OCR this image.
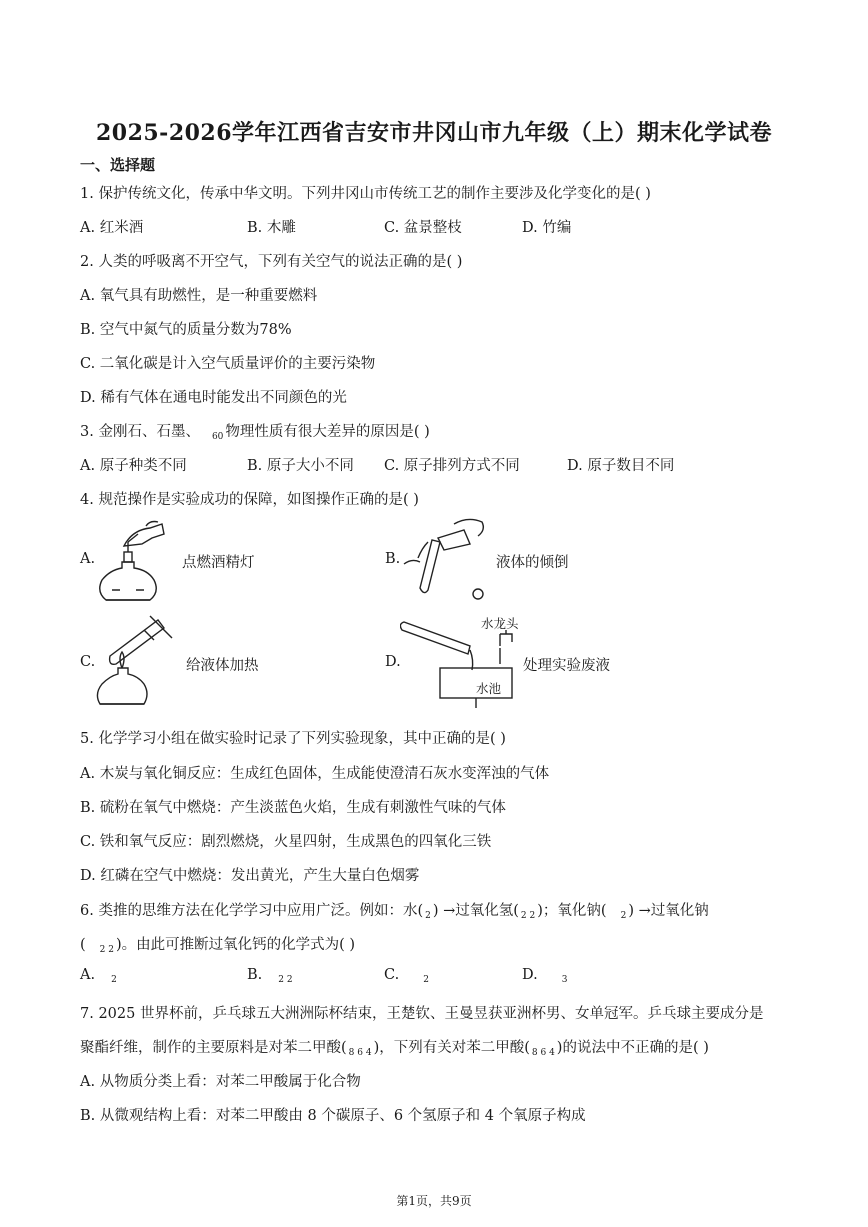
2025-2026学年江西省吉安市井冈山市九年级（上）期末化学试卷
一、选择题
1. 保护传统文化，传承中华文明。下列井冈山市传统工艺的制作主要涉及化学变化的是( )
A. 红米酒	B. 木雕	C. 盆景整枝	D. 竹编
2. 人类的呼吸离不开空气，下列有关空气的说法正确的是( )
A. 氧气具有助燃性，是一种重要燃料
B. 空气中氮气的质量分数为78%
C. 二氧化碳是计入空气质量评价的主要污染物
D. 稀有气体在通电时能发出不同颜色的光
3. 金刚石、石墨、 $_{60}$ 物理性质有很大差异的原因是( )
A. 原子种类不同	B. 原子大小不同 C. 原子排列方式不同	D. 原子数目不同
4. 规范操作是实验成功的保障，如图操作正确的是( )
A.	点燃酒精灯	B.	液体的倾倒
C.	给液体加热	D.
水龙头
水池
处理实验废液
5. 化学学习小组在做实验时记录了下列实验现象，其中正确的是( )
A. 木炭与氧化铜反应：生成红色固体，生成能使澄清石灰水变浑浊的气体
B. 硫粉在氧气中燃烧：产生淡蓝色火焰，生成有刺激性气味的气体
C. 铁和氧气反应：剧烈燃烧，火星四射，生成黑色的四氧化三铁
D. 红磷在空气中燃烧：发出黄光，产生大量白色烟雾
6. 类推的思维方法在化学学习中应用广泛。例如：水( $_2$ ) →过氧化氢( $_{2 2}$ )；氧化钠( $_2$ ) →过氧化钠
( $_{2 2}$ )。由此可推断过氧化钙的化学式为( )
A. $_2$	B. $_{2 2}$	C.	$_2$	D.	$_3$
7. 2025 世界杯前，乒乓球五大洲洲际杯结束，王楚钦、王曼昱获亚洲杯男、女单冠军。乒乓球主要成分是
聚酯纤维，制作的主要原料是对苯二甲酸( $_{8 6 4}$ )，下列有关对苯二甲酸( $_{8 6 4}$ )的说法中不正确的是( )
A. 从物质分类上看：对苯二甲酸属于化合物
B. 从微观结构上看：对苯二甲酸由 8 个碳原子、6 个氢原子和 4 个氧原子构成
第1页，共9页
